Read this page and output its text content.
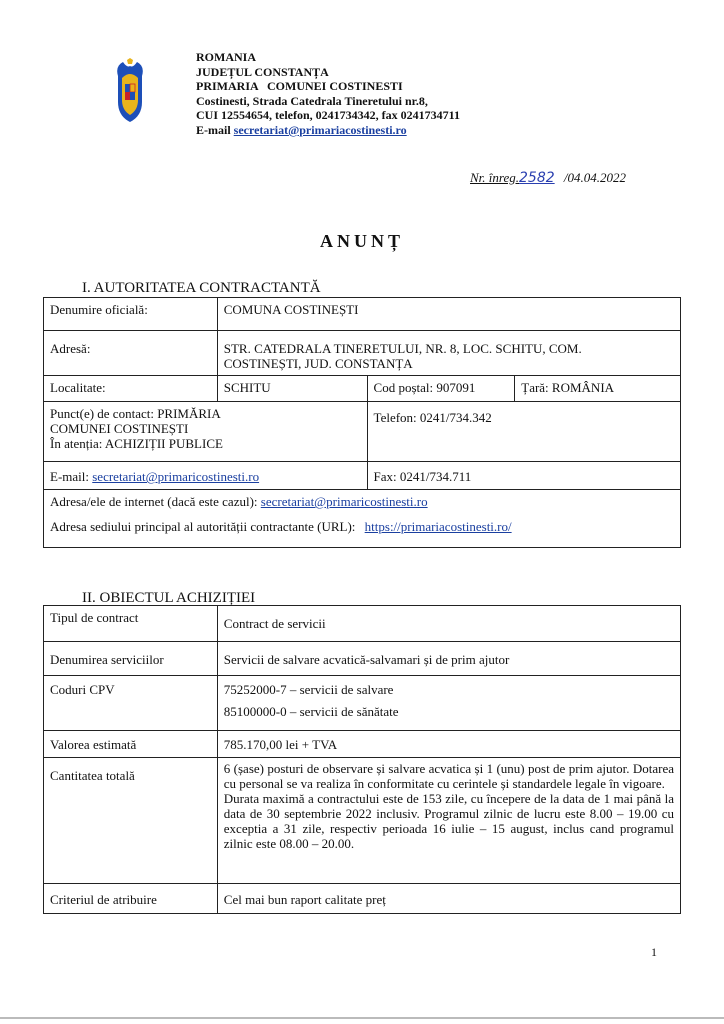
ROMANIA
JUDEȚUL CONSTANȚA
PRIMARIA   COMUNEI COSTINESTI
Costinesti, Strada Catedrala Tineretului nr.8,
CUI 12554654, telefon, 0241734342, fax 0241734711
E-mail secretariat@primariacostinesti.ro
Nr. înreg.2582 /04.04.2022
ANUNȚ
I. AUTORITATEA CONTRACTANTĂ
Denumire oficială:	COMUNA COSTINEȘTI		
Adresă:	STR. CATEDRALA TINERETULUI, NR. 8, LOC. SCHITU, COM.
COSTINEȘTI, JUD. CONSTANȚA		

Localitate:	SCHITU	Cod poștal: 907091	Țară: ROMÂNIA

Punct(e) de contact: PRIMĂRIA
COMUNEI COSTINEȘTI
În atenția: ACHIZIȚII PUBLICE		Telefon: 0241/734.342	
E-mail: secretariat@primaricostinesti.ro		Fax: 0241/734.711	

Adresa/ele de internet (dacă este cazul): secretariat@primaricostinesti.ro
Adresa sediului principal al autorității contractante (URL): https://primariacostinesti.ro/			
II. OBIECTUL ACHIZIȚIEI
Tipul de contract	Contract de servicii
Denumirea serviciilor	Servicii de salvare acvatică-salvamari și de prim ajutor
Coduri CPV	75252000-7 – servicii de salvare
85100000-0 – servicii de sănătate

Valorea estimată	785.170,00 lei + TVA
Cantitatea totală	6 (șase) posturi de observare și salvare acvatica și 1 (unu) post de prim ajutor. Dotarea cu personal se va realiza în conformitate cu cerintele și standardele legale în vigoare.
Durata maximă a contractului este de 153 zile, cu începere de la data de 1 mai până la data de 30 septembrie 2022 inclusiv. Programul zilnic de lucru este 8.00 – 19.00 cu exceptia a 31 zile, respectiv perioada 16 iulie – 15 august, inclus cand programul zilnic este 08.00 – 20.00.

Criteriul de atribuire	Cel mai bun raport calitate preț
1
